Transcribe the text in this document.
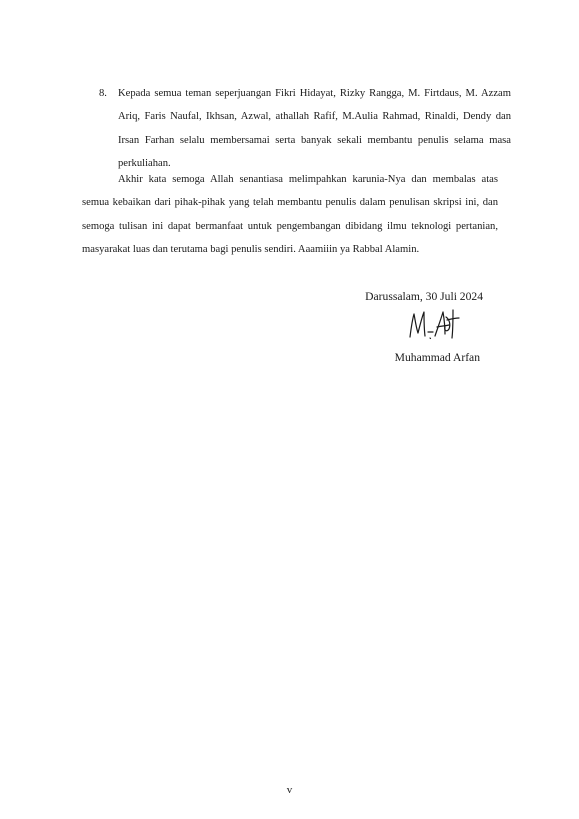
8.	Kepada semua teman seperjuangan Fikri Hidayat, Rizky Rangga, M. Firtdaus, M. Azzam Ariq, Faris Naufal, Ikhsan, Azwal, athallah Rafif, M.Aulia Rahmad, Rinaldi, Dendy dan Irsan Farhan selalu membersamai serta banyak sekali membantu penulis selama masa perkuliahan.
Akhir kata semoga Allah senantiasa melimpahkan karunia-Nya dan membalas atas semua kebaikan dari pihak-pihak yang telah membantu penulis dalam penulisan skripsi ini, dan semoga tulisan ini dapat bermanfaat untuk pengembangan dibidang ilmu teknologi pertanian, masyarakat luas dan terutama bagi penulis sendiri. Aaamiiin ya Rabbal Alamin.
Darussalam, 30 Juli 2024
Muhammad Arfan
v
